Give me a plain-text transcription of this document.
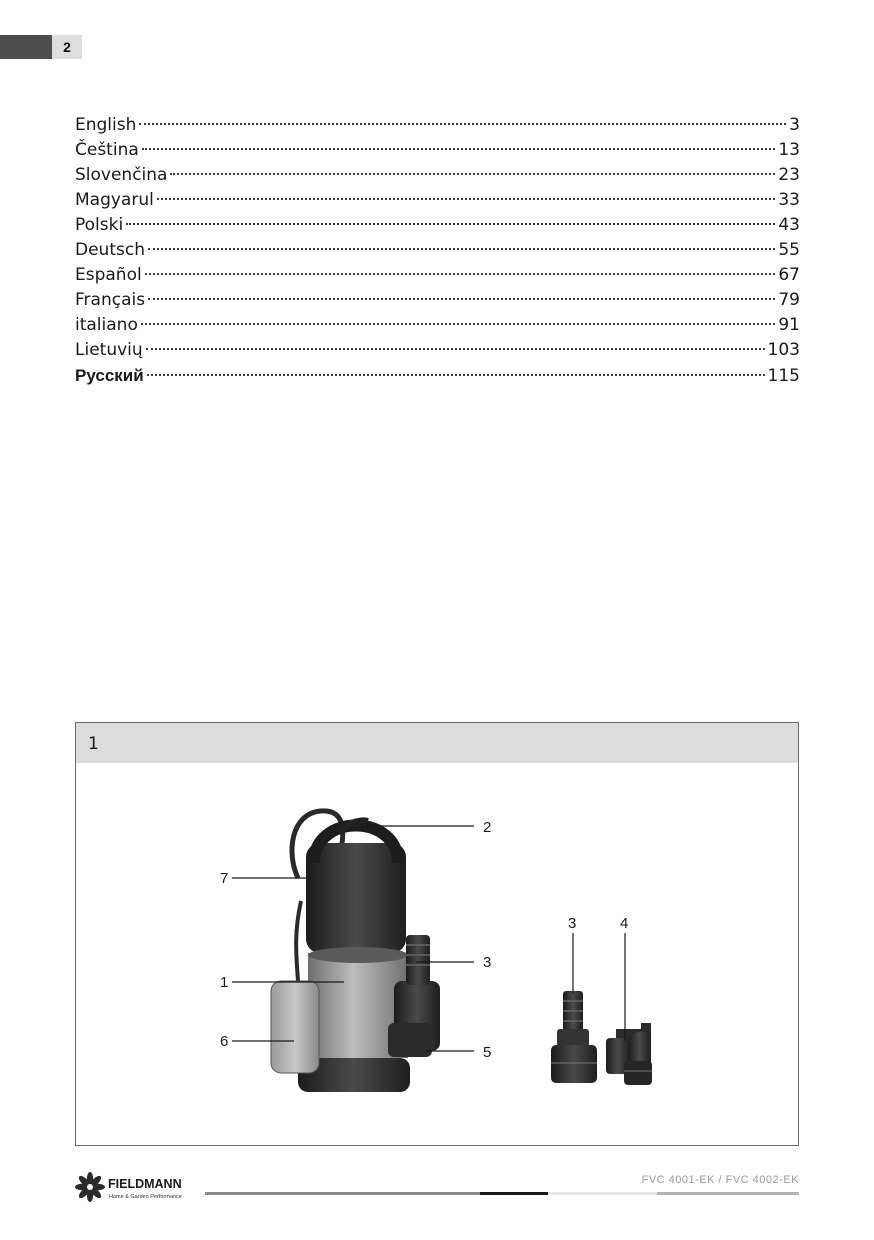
2
English	3
Čeština	13
Slovenčina	23
Magyarul	33
Polski	43
Deutsch	55
Español	67
Français	79
italiano	91
Lietuvių	103
Русский	115
1
2
7
3
1
6
5
3	4
FIELDMANN
Home & Garden Performance
FVC 4001-EK / FVC 4002-EK
